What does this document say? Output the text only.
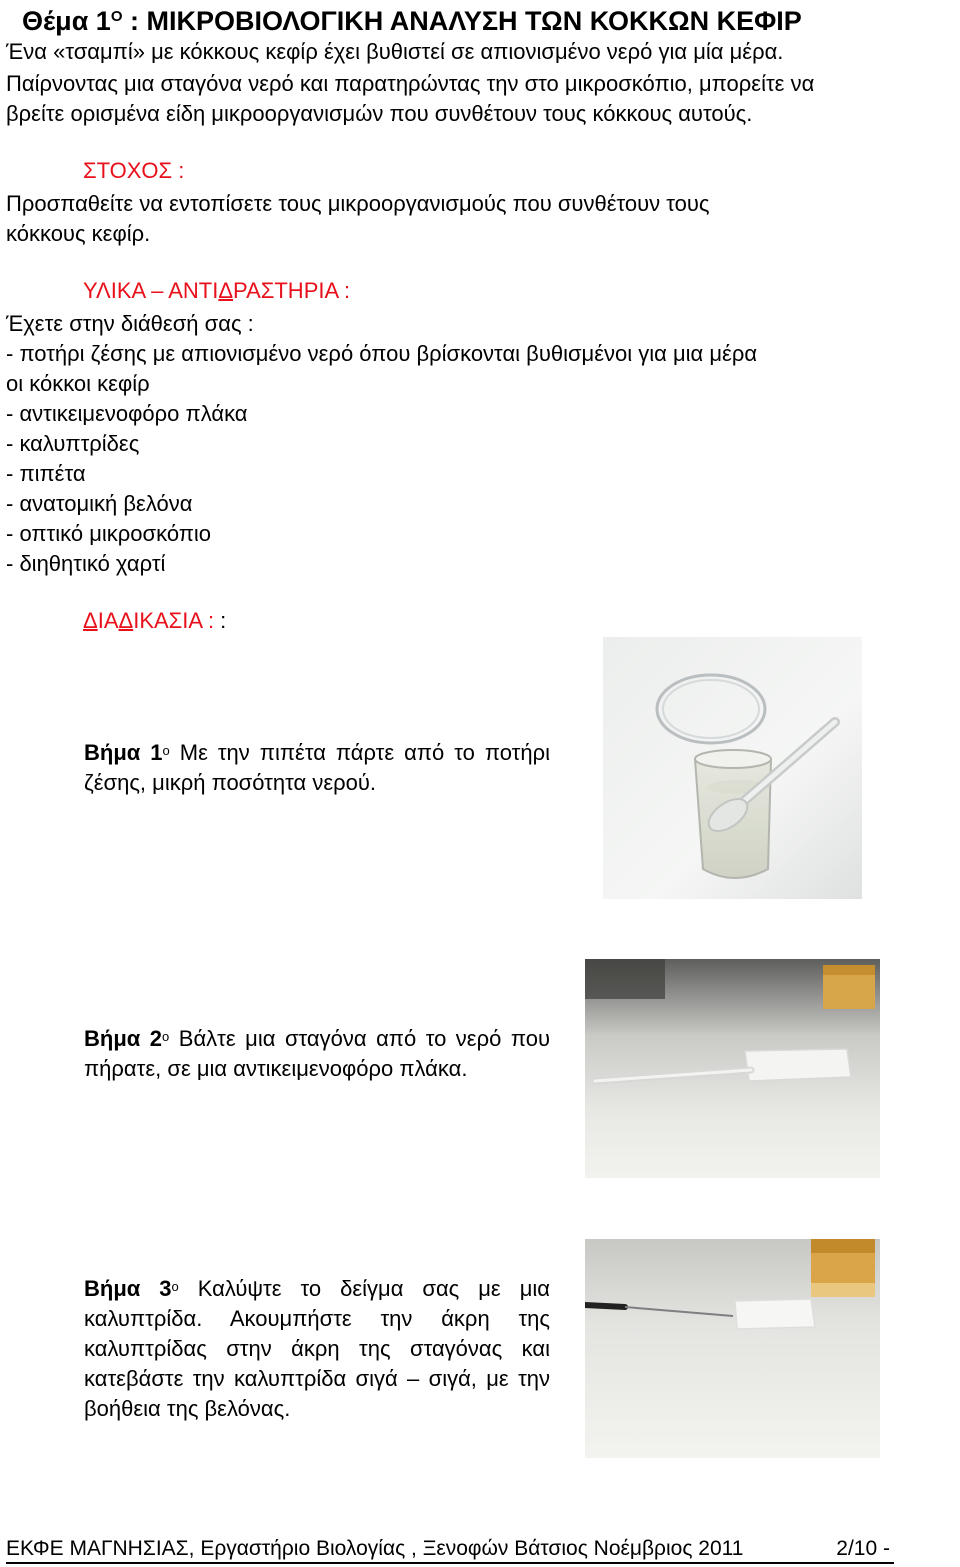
Θέμα $1^O$ : ΜΙΚΡΟΒΙΟΛΟΓΙΚΗ ΑΝΑΛΥΣΗ ΤΩΝ ΚΟΚΚΩΝ ΚΕΦΙΡ
Ένα «τσαμπί» με κόκκους κεφίρ έχει βυθιστεί σε απιονισμένο νερό για μία μέρα.
Παίρνοντας μια σταγόνα νερό και παρατηρώντας την στο μικροσκόπιο, μπορείτε να
βρείτε ορισμένα είδη μικροοργανισμών που συνθέτουν τους κόκκους αυτούς.
ΣΤΟΧΟΣ :
Προσπαθείτε να εντοπίσετε τους μικροοργανισμούς που συνθέτουν τους
κόκκους κεφίρ.
ΥΛΙΚΑ – ΑΝΤΙΔΡΑΣΤΗΡΙΑ :
Έχετε στην διάθεσή σας :
- ποτήρι ζέσης με απιονισμένο νερό όπου βρίσκονται βυθισμένοι για μια μέρα
οι κόκκοι κεφίρ
- αντικειμενοφόρο πλάκα
- καλυπτρίδες
- πιπέτα
- ανατομική βελόνα
- οπτικό μικροσκόπιο
- διηθητικό χαρτί
ΔΙΑΔΙΚΑΣΙΑ : :
Βήμα $1^o$ Με την πιπέτα πάρτε από το ποτήρι ζέσης, μικρή ποσότητα νερού.
Βήμα $2^o$ Βάλτε μια σταγόνα από το νερό που πήρατε, σε μια αντικειμενοφόρο πλάκα.
Βήμα $3^o$ Καλύψτε το δείγμα σας με μια καλυπτρίδα. Ακουμπήστε την άκρη της καλυπτρίδας στην άκρη της σταγόνας και κατεβάστε την καλυπτρίδα σιγά – σιγά, με την βοήθεια της βελόνας.
ΕΚΦΕ ΜΑΓΝΗΣΙΑΣ, Εργαστήριο Βιολογίας , Ξενοφών Βάτσιος Νοέμβριος 2011	2/10 -
